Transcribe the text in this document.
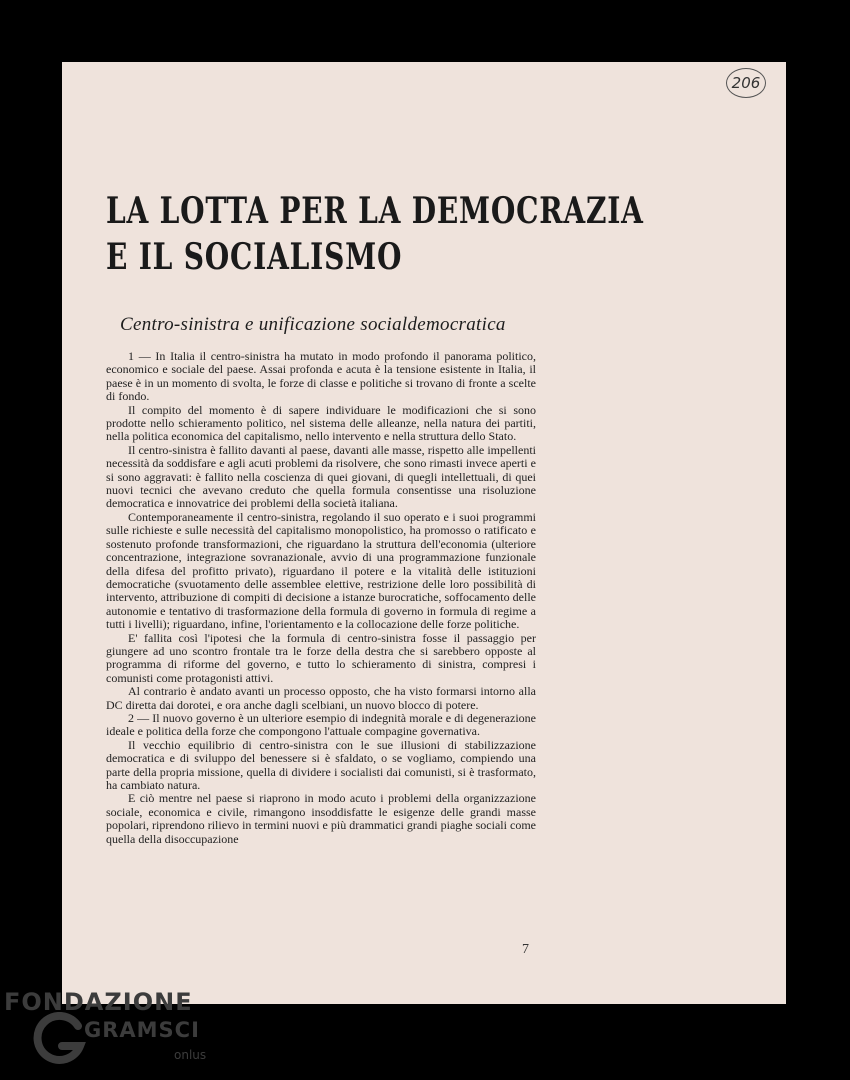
206
LA LOTTA PER LA DEMOCRAZIA
E IL SOCIALISMO
Centro-sinistra e unificazione socialdemocratica

1 — In Italia il centro-sinistra ha mutato in modo profondo il panorama politico, economico e sociale del paese. Assai profonda e acuta è la tensione esistente in Italia, il paese è in un momento di svolta, le forze di classe e politiche si trovano di fronte a scelte di fondo.

Il compito del momento è di sapere individuare le modificazioni che si sono prodotte nello schieramento politico, nel sistema delle alleanze, nella natura dei partiti, nella politica economica del capitalismo, nello intervento e nella struttura dello Stato.

Il centro-sinistra è fallito davanti al paese, davanti alle masse, rispetto alle impellenti necessità da soddisfare e agli acuti problemi da risolvere, che sono rimasti invece aperti e si sono aggravati: è fallito nella coscienza di quei giovani, di quegli intellettuali, di quei nuovi tecnici che avevano creduto che quella formula consentisse una risoluzione democratica e innovatrice dei problemi della società italiana.

Contemporaneamente il centro-sinistra, regolando il suo operato e i suoi programmi sulle richieste e sulle necessità del capitalismo monopolistico, ha promosso o ratificato e sostenuto profonde transformazioni, che riguardano la struttura dell'economia (ulteriore concentrazione, integrazione sovranazionale, avvio di una programmazione funzionale della difesa del profitto privato), riguardano il potere e la vitalità delle istituzioni democratiche (svuotamento delle assemblee elettive, restrizione delle loro possibilità di intervento, attribuzione di compiti di decisione a istanze burocratiche, soffocamento delle autonomie e tentativo di trasformazione della formula di governo in formula di regime a tutti i livelli); riguardano, infine, l'orientamento e la collocazione delle forze politiche.

E' fallita così l'ipotesi che la formula di centro-sinistra fosse il passaggio per giungere ad uno scontro frontale tra le forze della destra che si sarebbero opposte al programma di riforme del governo, e tutto lo schieramento di sinistra, compresi i comunisti come protagonisti attivi.

Al contrario è andato avanti un processo opposto, che ha visto formarsi intorno alla DC diretta dai dorotei, e ora anche dagli scelbiani, un nuovo blocco di potere.

2 — Il nuovo governo è un ulteriore esempio di indegnità morale e di degenerazione ideale e politica della forze che compongono l'attuale compagine governativa.

Il vecchio equilibrio di centro-sinistra con le sue illusioni di stabilizzazione democratica e di sviluppo del benessere si è sfaldato, o se vogliamo, compiendo una parte della propria missione, quella di dividere i socialisti dai comunisti, si è trasformato, ha cambiato natura.

E ciò mentre nel paese si riaprono in modo acuto i problemi della organizzazione sociale, economica e civile, rimangono insoddisfatte le esigenze delle grandi masse popolari, riprendono rilievo in termini nuovi e più drammatici grandi piaghe sociali come quella della disoccupazione

7
FONDAZIONE
GRAMSCI
onlus
